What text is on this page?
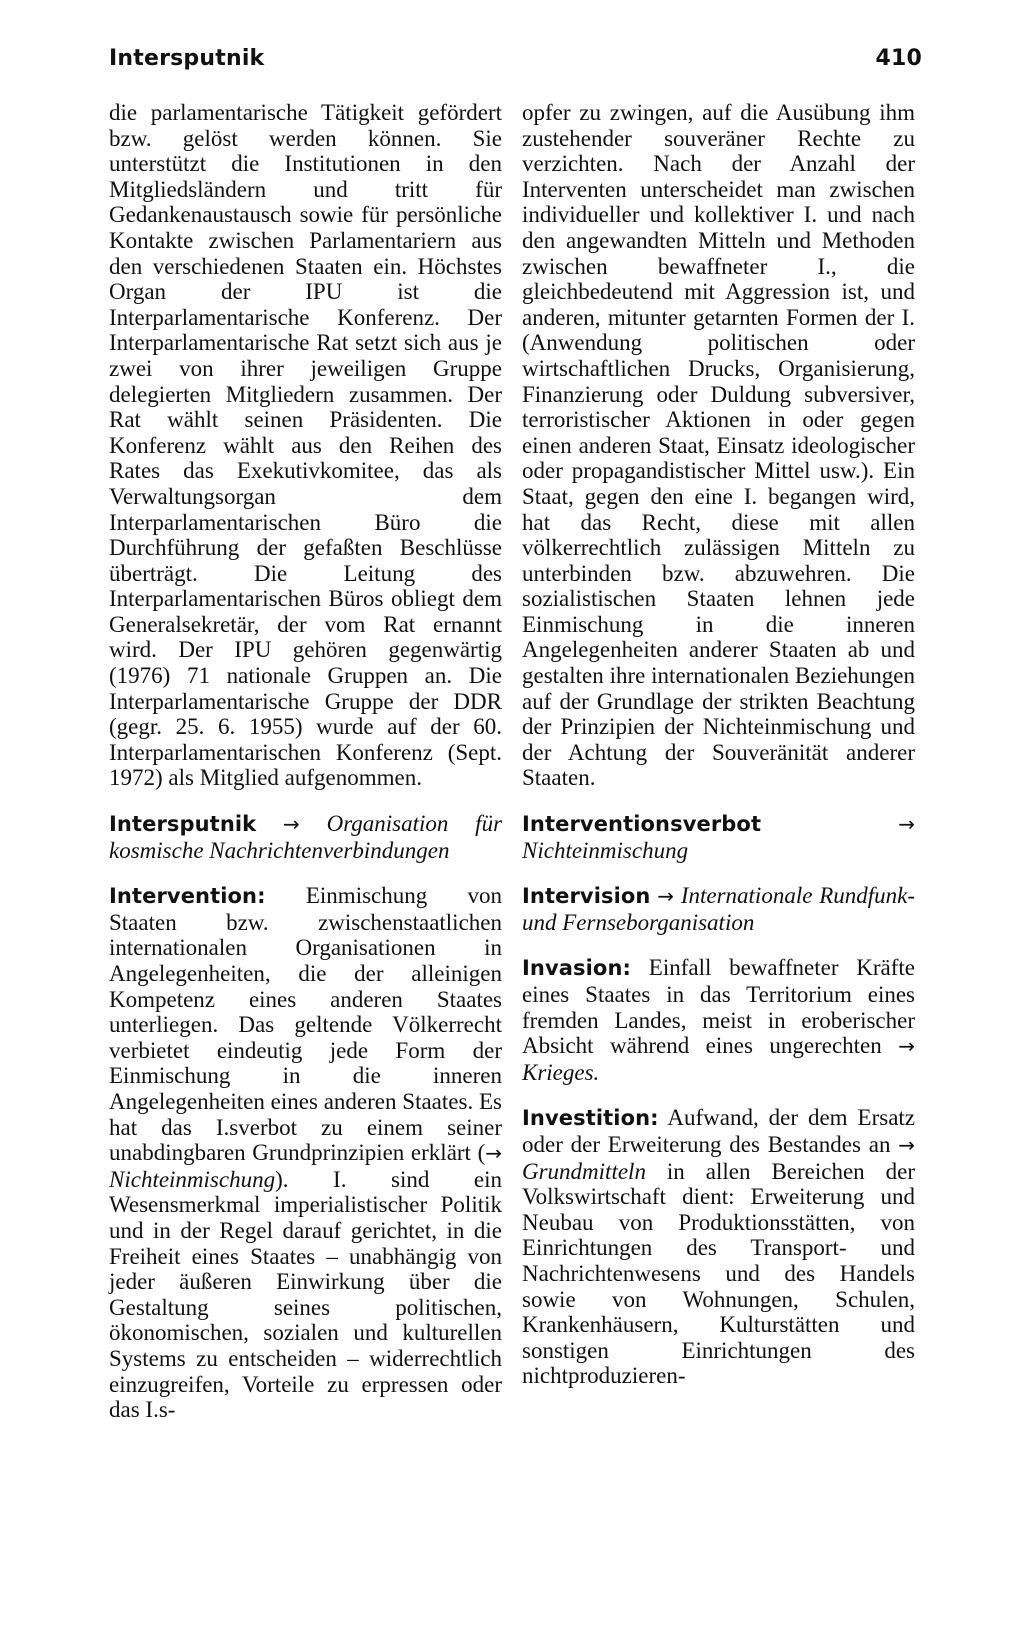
Intersputnik	410

die parlamentarische Tätigkeit gefördert bzw. gelöst werden können. Sie unterstützt die Institutionen in den Mitgliedsländern und tritt für Gedankenaustausch sowie für persönliche Kontakte zwischen Parlamentariern aus den verschiedenen Staaten ein. Höchstes Organ der IPU ist die Interparlamentarische Konferenz. Der Interparlamentarische Rat setzt sich aus je zwei von ihrer jeweiligen Gruppe delegierten Mitgliedern zusammen. Der Rat wählt seinen Präsidenten. Die Konferenz wählt aus den Reihen des Rates das Exekutivkomitee, das als Verwaltungsorgan dem Interparlamentarischen Büro die Durchführung der gefaßten Beschlüsse überträgt. Die Leitung des Interparlamentarischen Büros obliegt dem Generalsekretär, der vom Rat ernannt wird. Der IPU gehören gegenwärtig (1976) 71 nationale Gruppen an. Die Interparlamentarische Gruppe der DDR (gegr. 25. 6. 1955) wurde auf der 60. Interparlamentarischen Konferenz (Sept. 1972) als Mitglied aufgenommen.

Intersputnik → Organisation für kosmische Nachrichtenverbindungen

Intervention: Einmischung von Staaten bzw. zwischenstaatlichen internationalen Organisationen in Angelegenheiten, die der alleinigen Kompetenz eines anderen Staates unterliegen. Das geltende Völkerrecht verbietet eindeutig jede Form der Einmischung in die inneren Angelegenheiten eines anderen Staates. Es hat das I.sverbot zu einem seiner unabdingbaren Grundprinzipien erklärt (→ Nichteinmischung). I. sind ein Wesensmerkmal imperialistischer Politik und in der Regel darauf gerichtet, in die Freiheit eines Staates – unabhängig von jeder äußeren Einwirkung über die Gestaltung seines politischen, ökonomischen, sozialen und kulturellen Systems zu entscheiden – widerrechtlich einzugreifen, Vorteile zu erpressen oder das I.s-

opfer zu zwingen, auf die Ausübung ihm zustehender souveräner Rechte zu verzichten. Nach der Anzahl der Interventen unterscheidet man zwischen individueller und kollektiver I. und nach den angewandten Mitteln und Methoden zwischen bewaffneter I., die gleichbedeutend mit Aggression ist, und anderen, mitunter getarnten Formen der I. (Anwendung politischen oder wirtschaftlichen Drucks, Organisierung, Finanzierung oder Duldung subversiver, terroristischer Aktionen in oder gegen einen anderen Staat, Einsatz ideologischer oder propagandistischer Mittel usw.). Ein Staat, gegen den eine I. begangen wird, hat das Recht, diese mit allen völkerrechtlich zulässigen Mitteln zu unterbinden bzw. abzuwehren. Die sozialistischen Staaten lehnen jede Einmischung in die inneren Angelegenheiten anderer Staaten ab und gestalten ihre internationalen Beziehungen auf der Grundlage der strikten Beachtung der Prinzipien der Nichteinmischung und der Achtung der Souveränität anderer Staaten.

Interventionsverbot	→ Nichteinmischung

Intervision → Internationale Rundfunk- und Fernseborganisation

Invasion: Einfall bewaffneter Kräfte eines Staates in das Territorium eines fremden Landes, meist in eroberischer Absicht während eines ungerechten → Krieges.

Investition: Aufwand, der dem Ersatz oder der Erweiterung des Bestandes an → Grundmitteln in allen Bereichen der Volkswirtschaft dient: Erweiterung und Neubau von Produktionsstätten, von Einrichtungen des Transport- und Nachrichtenwesens und des Handels sowie von Wohnungen, Schulen, Krankenhäusern, Kulturstätten und sonstigen Einrichtungen des nichtproduzieren-
